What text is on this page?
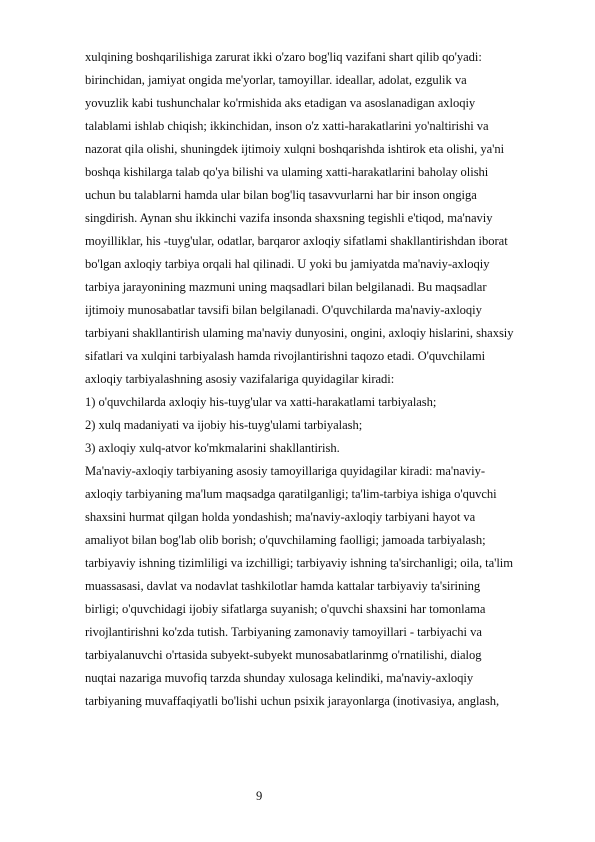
xulqining boshqarilishiga zarurat ikki o'zaro bog'liq vazifani shart qilib qo'yadi:
birinchidan, jamiyat ongida me'yorlar, tamoyillar. ideallar, adolat, ezgulik va
yovuzlik kabi tushunchalar ko'rmishida aks etadigan va asoslanadigan axloqiy
talablami ishlab chiqish; ikkinchidan, inson o'z xatti-harakatlarini yo'naltirishi va
nazorat qila olishi, shuningdek ijtimoiy xulqni boshqarishda ishtirok eta olishi, ya'ni
boshqa kishilarga talab qo'ya bilishi va ulaming xatti-harakatlarini baholay olishi
uchun bu talablarni hamda ular bilan bog'liq tasavvurlarni har bir inson ongiga
singdirish. Aynan shu ikkinchi vazifa insonda shaxsning tegishli e'tiqod, ma'naviy
moyilliklar, his -tuyg'ular, odatlar, barqaror axloqiy sifatlami shakllantirishdan iborat
bo'lgan axloqiy tarbiya orqali hal qilinadi. U yoki bu jamiyatda ma'naviy-axloqiy
tarbiya jarayonining mazmuni uning maqsadlari bilan belgilanadi. Bu maqsadlar
ijtimoiy munosabatlar tavsifi bilan belgilanadi. O'quvchilarda ma'naviy-axloqiy
tarbiyani shakllantirish ulaming ma'naviy dunyosini, ongini, axloqiy hislarini, shaxsiy
sifatlari va xulqini tarbiyalash hamda rivojlantirishni taqozo etadi. O'quvchilami
axloqiy tarbiyalashning asosiy vazifalariga quyidagilar kiradi:
1) o'quvchilarda axloqiy his-tuyg'ular va xatti-harakatlami tarbiyalash;
2) xulq madaniyati va ijobiy his-tuyg'ulami tarbiyalash;
3) axloqiy xulq-atvor ko'mkmalarini shakllantirish.
Ma'naviy-axloqiy tarbiyaning asosiy tamoyillariga quyidagilar kiradi: ma'naviy-
axloqiy tarbiyaning ma'lum maqsadga qaratilganligi; ta'lim-tarbiya ishiga o'quvchi
shaxsini hurmat qilgan holda yondashish; ma'naviy-axloqiy tarbiyani hayot va
amaliyot bilan bog'lab olib borish; o'quvchilaming faolligi; jamoada tarbiyalash;
tarbiyaviy ishning tizimliligi va izchilligi; tarbiyaviy ishning ta'sirchanligi; oila, ta'lim
muassasasi, davlat va nodavlat tashkilotlar hamda kattalar tarbiyaviy ta'sirining
birligi; o'quvchidagi ijobiy sifatlarga suyanish; o'quvchi shaxsini har tomonlama
rivojlantirishni ko'zda tutish. Tarbiyaning zamonaviy tamoyillari - tarbiyachi va
tarbiyalanuvchi o'rtasida subyekt-subyekt munosabatlarinmg o'rnatilishi, dialog
nuqtai nazariga muvofiq tarzda shunday xulosaga kelindiki, ma'naviy-axloqiy
tarbiyaning muvaffaqiyatli bo'lishi uchun psixik jarayonlarga (inotivasiya, anglash,
9
